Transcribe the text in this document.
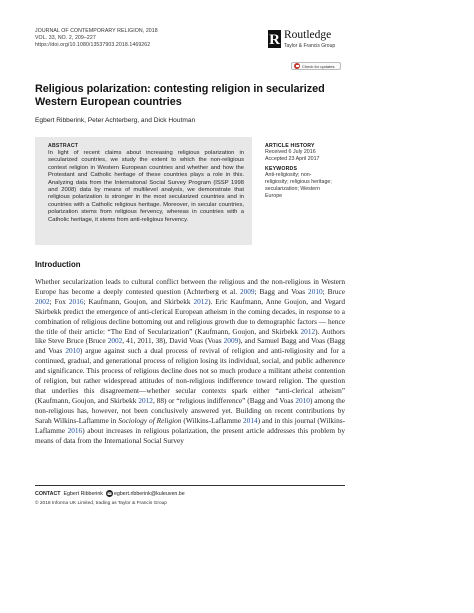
JOURNAL OF CONTEMPORARY RELIGION, 2018
VOL. 33, NO. 2, 209–227
https://doi.org/10.1080/13537903.2018.1469262	R Routledge
Taylor & Francis Group
Check for updates
Religious polarization: contesting religion in secularized Western European countries
Egbert Ribberink, Peter Achterberg, and Dick Houtman
ABSTRACT
In light of recent claims about increasing religious polarization in secularized countries, we study the extent to which the non-religious contest religion in Western European countries and whether and how the Protestant and Catholic heritage of these countries plays a role in this. Analyzing data from the International Social Survey Program (ISSP 1998 and 2008) data by means of multilevel analysis, we demonstrate that religious polarization is stronger in the most secularized countries and in countries with a Catholic religious heritage. Moreover, in secular countries, polarization stems from religious fervency, whereas in countries with a Catholic heritage, it stems from anti-religious fervency.
ARTICLE HISTORY
Received 6 July 2016
Accepted 23 April 2017
KEYWORDS
Anti-religiosity; non-
religiosity; religious heritage;
secularization; Western
Europe
Introduction

Whether secularization leads to cultural conflict between the religious and the non-religious in Western Europe has become a deeply contested question (Achterberg et al. 2009; Bagg and Voas 2010; Bruce 2002; Fox 2016; Kaufmann, Goujon, and Skirbekk 2012). Eric Kaufmann, Anne Goujon, and Vegard Skirbekk predict the emergence of anti-clerical European atheism in the coming decades, in response to a combination of religious decline bottoming out and religious growth due to demographic factors — hence the title of their article: “The End of Secularization” (Kaufmann, Goujon, and Skirbekk 2012). Authors like Steve Bruce (Bruce 2002, 41, 2011, 38), David Voas (Voas 2009), and Samuel Bagg and Voas (Bagg and Voas 2010) argue against such a dual process of revival of religion and anti-religiosity and for a continued, gradual, and generational process of religion losing its individual, social, and public adherence and significance. This process of religious decline does not so much produce a militant atheist contention of religion, but rather widespread attitudes of non-religious indifference toward religion. The question that underlies this disagreement—whether secular contexts spark either “anti-clerical atheism” (Kaufmann, Goujon, and Skirbekk 2012, 88) or “religious indifference” (Bagg and Voas 2010) among the non-religious has, however, not been conclusively answered yet. Building on recent contributions by Sarah Wilkins-Laflamme in Sociology of Religion (Wilkins-Laflamme 2014) and in this journal (Wilkins-Laflamme 2016) about increases in religious polarization, the present article addresses this problem by means of data from the International Social Survey

CONTACT Egbert Ribberink egbert.ribberink@kuleuven.be
© 2018 Informa UK Limited, trading as Taylor & Francis Group
